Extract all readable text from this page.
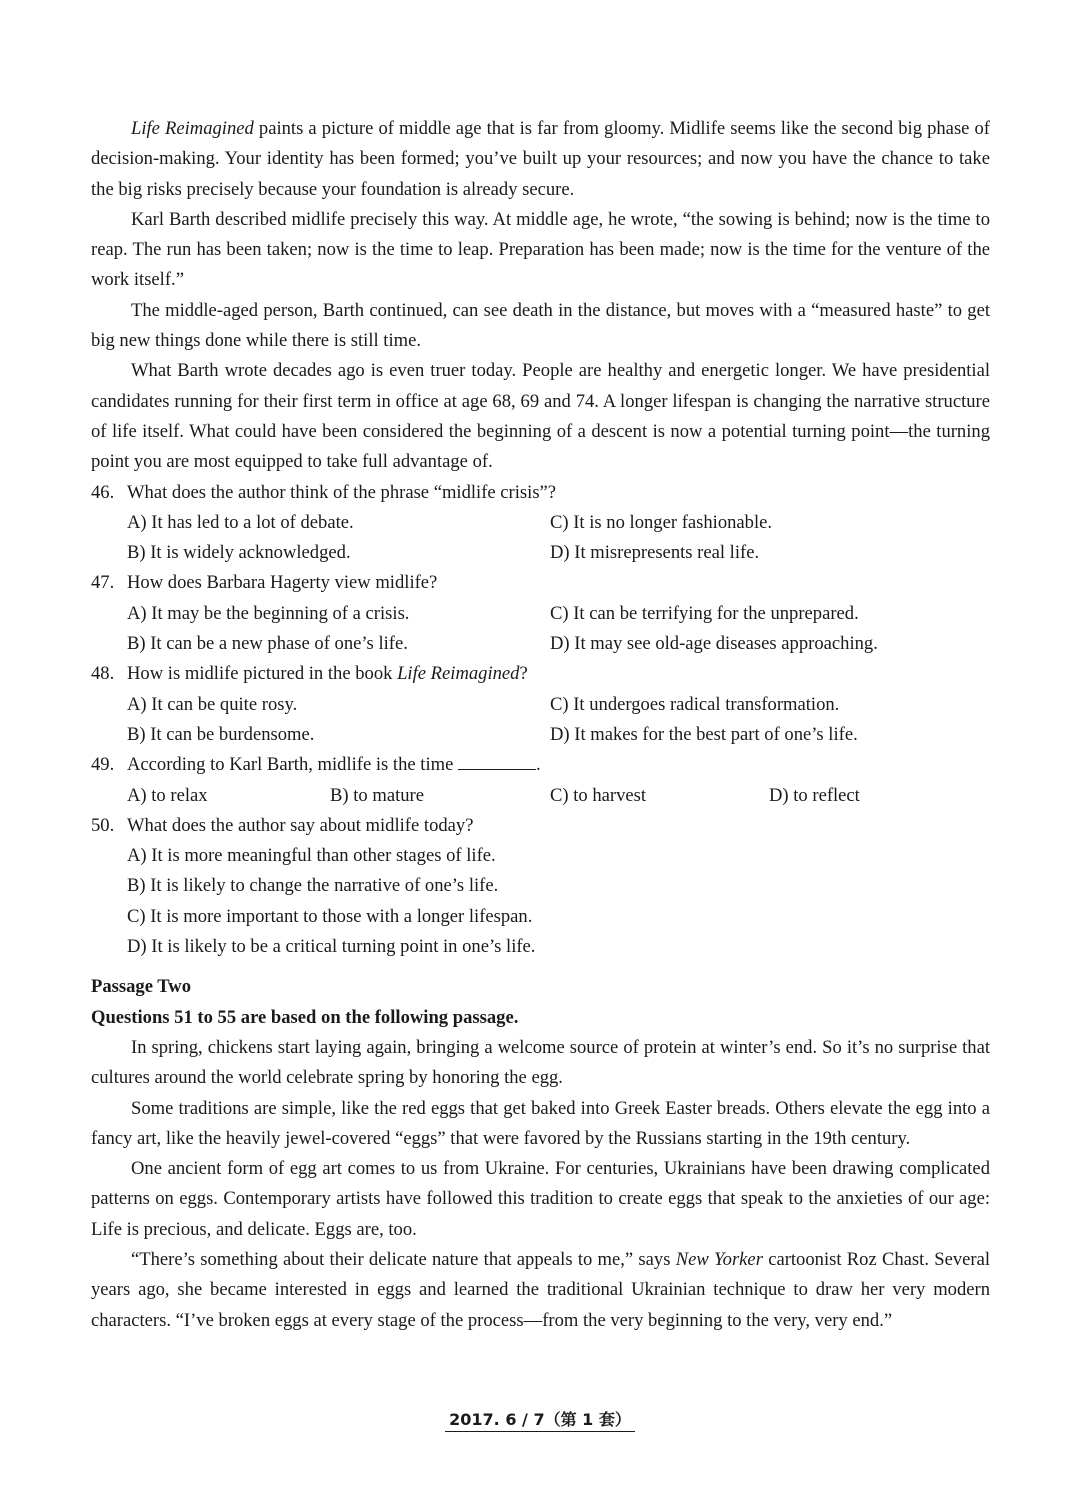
Life Reimagined paints a picture of middle age that is far from gloomy. Midlife seems like the second big phase of decision-making. Your identity has been formed; you’ve built up your resources; and now you have the chance to take the big risks precisely because your foundation is already secure.

Karl Barth described midlife precisely this way. At middle age, he wrote, “the sowing is behind; now is the time to reap. The run has been taken; now is the time to leap. Preparation has been made; now is the time for the venture of the work itself.”

The middle-aged person, Barth continued, can see death in the distance, but moves with a “measured haste” to get big new things done while there is still time.

What Barth wrote decades ago is even truer today. People are healthy and energetic longer. We have presidential candidates running for their first term in office at age 68, 69 and 74. A longer lifespan is changing the narrative structure of life itself. What could have been considered the beginning of a descent is now a potential turning point—the turning point you are most equipped to take full advantage of.

46. What does the author think of the phrase “midlife crisis”?

A) It has led to a lot of debate.	C) It is no longer fashionable.
B) It is widely acknowledged.	D) It misrepresents real life.

47. How does Barbara Hagerty view midlife?

A) It may be the beginning of a crisis.	C) It can be terrifying for the unprepared.
B) It can be a new phase of one’s life.	D) It may see old-age diseases approaching.

48. How is midlife pictured in the book Life Reimagined?

A) It can be quite rosy.	C) It undergoes radical transformation.
B) It can be burdensome.	D) It makes for the best part of one’s life.

49. According to Karl Barth, midlife is the time	.

A) to relax	B) to mature	C) to harvest	D) to reflect

50. What does the author say about midlife today?

A) It is more meaningful than other stages of life.

B) It is likely to change the narrative of one’s life.

C) It is more important to those with a longer lifespan.

D) It is likely to be a critical turning point in one’s life.

Passage Two

Questions 51 to 55 are based on the following passage.

In spring, chickens start laying again, bringing a welcome source of protein at winter’s end. So it’s no surprise that cultures around the world celebrate spring by honoring the egg.

Some traditions are simple, like the red eggs that get baked into Greek Easter breads. Others elevate the egg into a fancy art, like the heavily jewel-covered “eggs” that were favored by the Russians starting in the 19th century.

One ancient form of egg art comes to us from Ukraine. For centuries, Ukrainians have been drawing complicated patterns on eggs. Contemporary artists have followed this tradition to create eggs that speak to the anxieties of our age: Life is precious, and delicate. Eggs are, too.

“There’s something about their delicate nature that appeals to me,” says New Yorker cartoonist Roz Chast. Several years ago, she became interested in eggs and learned the traditional Ukrainian technique to draw her very modern characters. “I’ve broken eggs at every stage of the process—from the very beginning to the very, very end.”

2017. 6 / 7（第 1 套）
